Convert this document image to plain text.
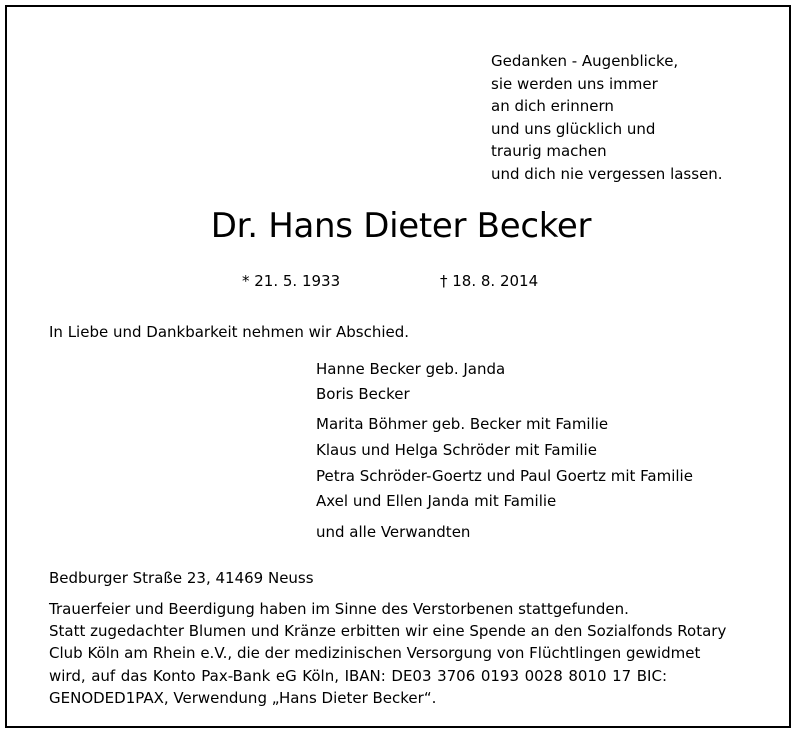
Gedanken - Augenblicke,
sie werden uns immer
an dich erinnern
und uns glücklich und
traurig machen
und dich nie vergessen lassen.
Dr. Hans Dieter Becker
* 21. 5. 1933	† 18. 8. 2014
In Liebe und Dankbarkeit nehmen wir Abschied.
Hanne Becker geb. Janda
Boris Becker
Marita Böhmer geb. Becker mit Familie
Klaus und Helga Schröder mit Familie
Petra Schröder-Goertz und Paul Goertz mit Familie
Axel und Ellen Janda mit Familie
und alle Verwandten
Bedburger Straße 23, 41469 Neuss
Trauerfeier und Beerdigung haben im Sinne des Verstorbenen stattgefunden.
Statt zugedachter Blumen und Kränze erbitten wir eine Spende an den Sozialfonds Rotary
Club Köln am Rhein e.V., die der medizinischen Versorgung von Flüchtlingen gewidmet
wird, auf das Konto Pax-Bank eG Köln, IBAN: DE03 3706 0193 0028 8010 17 BIC:
GENODED1PAX, Verwendung „Hans Dieter Becker“.
